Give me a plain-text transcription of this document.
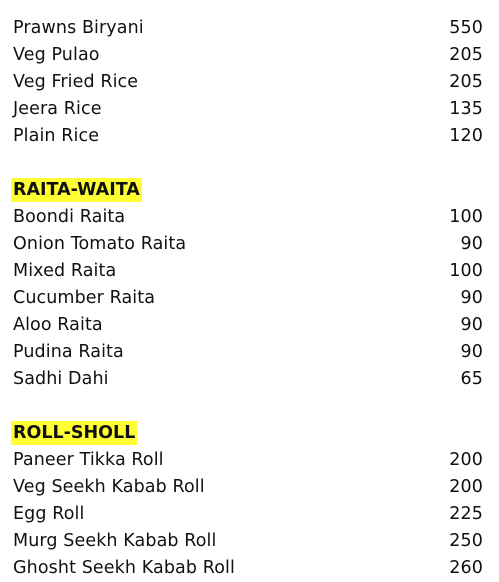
Prawns Biryani	550
Veg Pulao	205
Veg Fried Rice	205
Jeera Rice	135
Plain Rice	120
RAITA-WAITA
Boondi Raita	100
Onion Tomato Raita	90
Mixed Raita	100
Cucumber Raita	90
Aloo Raita	90
Pudina Raita	90
Sadhi Dahi	65
ROLL-SHOLL
Paneer Tikka Roll	200
Veg Seekh Kabab Roll	200
Egg Roll	225
Murg Seekh Kabab Roll	250
Ghosht Seekh Kabab Roll	260
